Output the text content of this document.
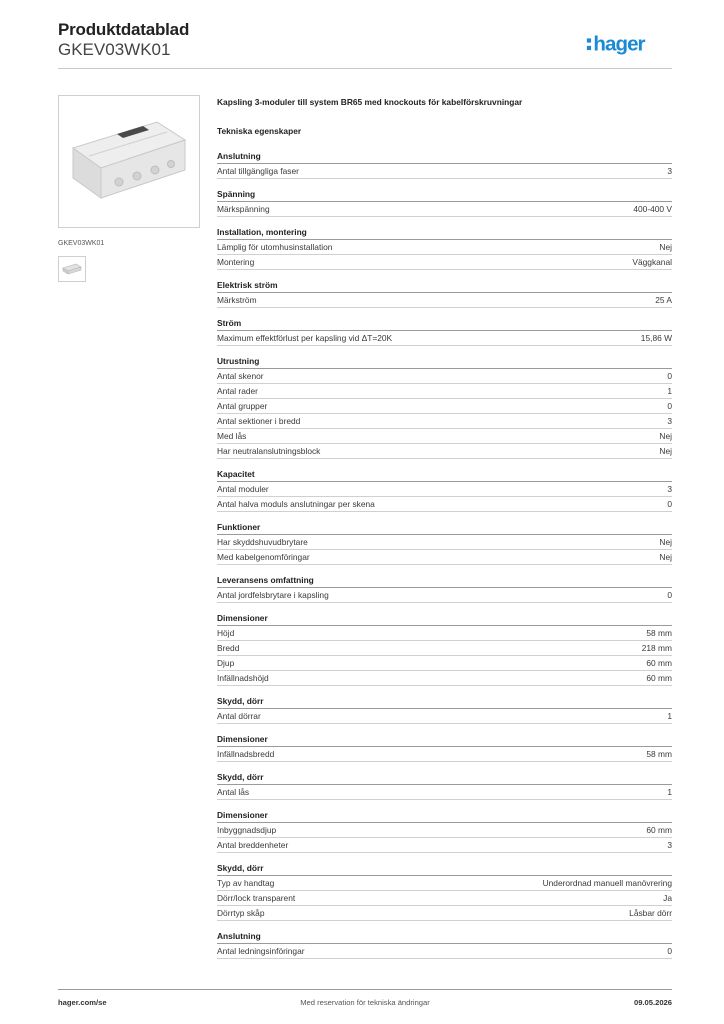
Produktdatablad
GKEV03WK01	hager
GKEV03WK01
Kapsling 3-moduler till system BR65 med knockouts för kabelförskruvningar
Tekniska egenskaper
Anslutning
Antal tillgängliga faser	3
Spänning
Märkspänning	400-400 V
Installation, montering
Lämplig för utomhusinstallation	Nej
Montering	Väggkanal
Elektrisk ström
Märkström	25 A
Ström
Maximum effektförlust per kapsling vid ΔT=20K	15,86 W
Utrustning
Antal skenor	0
Antal rader	1
Antal grupper	0
Antal sektioner i bredd	3
Med lås	Nej
Har neutralanslutningsblock	Nej
Kapacitet
Antal moduler	3
Antal halva moduls anslutningar per skena	0
Funktioner
Har skyddshuvudbrytare	Nej
Med kabelgenomföringar	Nej
Leveransens omfattning
Antal jordfelsbrytare i kapsling	0
Dimensioner
Höjd	58 mm
Bredd	218 mm
Djup	60 mm
Infällnadshöjd	60 mm
Skydd, dörr
Antal dörrar	1
Dimensioner
Infällnadsbredd	58 mm
Skydd, dörr
Antal lås	1
Dimensioner
Inbyggnadsdjup	60 mm
Antal breddenheter	3
Skydd, dörr
Typ av handtag	Underordnad manuell manövrering
Dörr/lock transparent	Ja
Dörrtyp skåp	Låsbar dörr
Anslutning
Antal ledningsinföringar	0
hager.com/se	Med reservation för tekniska ändringar	09.05.2026
